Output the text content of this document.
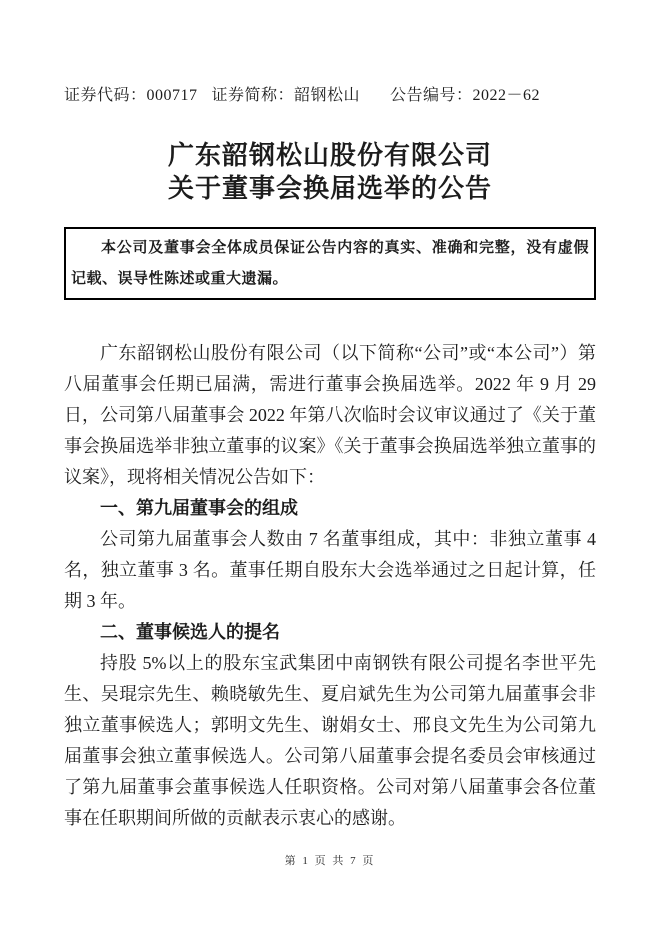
证券代码：000717 证券简称：韶钢松山 公告编号：2022－62
广东韶钢松山股份有限公司
关于董事会换届选举的公告
本公司及董事会全体成员保证公告内容的真实、准确和完整，没有虚假记载、误导性陈述或重大遗漏。

广东韶钢松山股份有限公司（以下简称“公司”或“本公司”）第八届董事会任期已届满，需进行董事会换届选举。2022 年 9 月 29 日，公司第八届董事会 2022 年第八次临时会议审议通过了《关于董事会换届选举非独立董事的议案》《关于董事会换届选举独立董事的议案》，现将相关情况公告如下：

一、第九届董事会的组成

公司第九届董事会人数由 7 名董事组成，其中：非独立董事 4 名，独立董事 3 名。董事任期自股东大会选举通过之日起计算，任期 3 年。

二、董事候选人的提名

持股 5%以上的股东宝武集团中南钢铁有限公司提名李世平先生、吴琨宗先生、赖晓敏先生、夏启斌先生为公司第九届董事会非独立董事候选人；郭明文先生、谢娟女士、邢良文先生为公司第九届董事会独立董事候选人。公司第八届董事会提名委员会审核通过了第九届董事会董事候选人任职资格。公司对第八届董事会各位董事在任职期间所做的贡献表示衷心的感谢。

第 1 页 共 7 页
